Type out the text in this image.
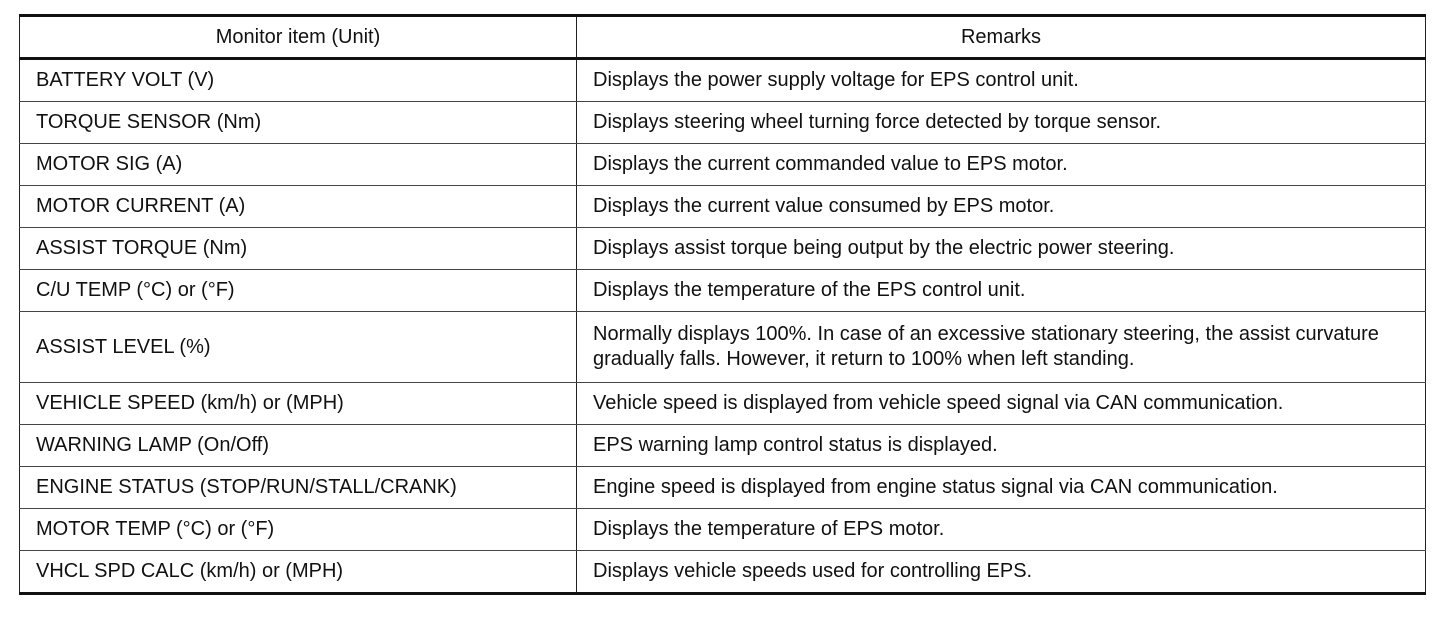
Monitor item (Unit)	Remarks
BATTERY VOLT (V)	Displays the power supply voltage for EPS control unit.
TORQUE SENSOR (Nm)	Displays steering wheel turning force detected by torque sensor.
MOTOR SIG (A)	Displays the current commanded value to EPS motor.
MOTOR CURRENT (A)	Displays the current value consumed by EPS motor.
ASSIST TORQUE (Nm)	Displays assist torque being output by the electric power steering.
C/U TEMP (°C) or (°F)	Displays the temperature of the EPS control unit.
ASSIST LEVEL (%)	Normally displays 100%. In case of an excessive stationary steering, the assist curvature gradually falls. However, it return to 100% when left standing.
VEHICLE SPEED (km/h) or (MPH)	Vehicle speed is displayed from vehicle speed signal via CAN communication.
WARNING LAMP (On/Off)	EPS warning lamp control status is displayed.
ENGINE STATUS (STOP/RUN/STALL/CRANK)	Engine speed is displayed from engine status signal via CAN communication.
MOTOR TEMP (°C) or (°F)	Displays the temperature of EPS motor.
VHCL SPD CALC (km/h) or (MPH)	Displays vehicle speeds used for controlling EPS.
